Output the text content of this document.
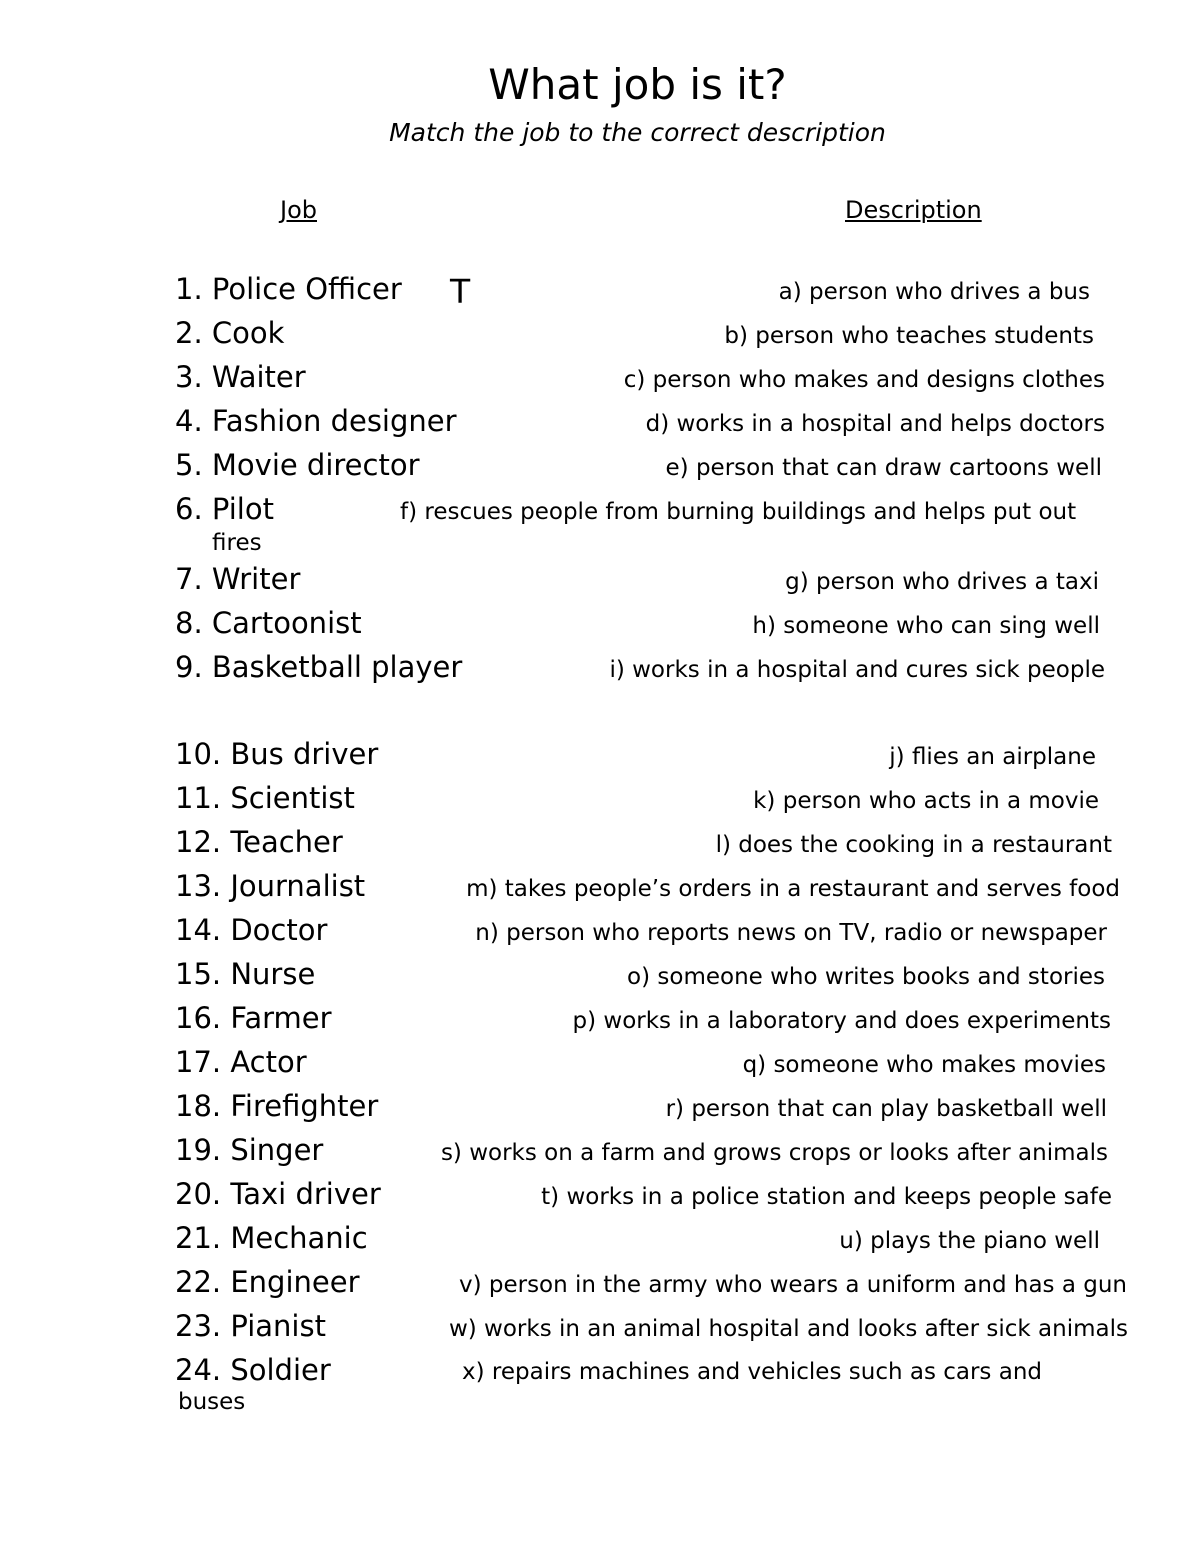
What job is it?
Match the job to the correct description
Job	Description
T
1. Police Officer
2. Cook
3. Waiter
4. Fashion designer
5. Movie director
6. Pilot
7. Writer
8. Cartoonist
9. Basketball player
10. Bus driver
11. Scientist
12. Teacher
13. Journalist
14. Doctor
15. Nurse
16. Farmer
17. Actor
18. Firefighter
19. Singer
20. Taxi driver
21. Mechanic
22. Engineer
23. Pianist
24. Soldier
a) person who drives a bus
b) person who teaches students
c) person who makes and designs clothes
d) works in a hospital and helps doctors
e) person that can draw cartoons well
f) rescues people from burning buildings and helps put out
fires
g) person who drives a taxi
h) someone who can sing well
i) works in a hospital and cures sick people
j) flies an airplane
k) person who acts in a movie
l) does the cooking in a restaurant
m) takes people’s orders in a restaurant and serves food
n) person who reports news on TV, radio or newspaper
o) someone who writes books and stories
p) works in a laboratory and does experiments
q) someone who makes movies
r) person that can play basketball well
s) works on a farm and grows crops or looks after animals
t) works in a police station and keeps people safe
u) plays the piano well
v) person in the army who wears a uniform and has a gun
w) works in an animal hospital and looks after sick animals
x) repairs machines and vehicles such as cars and
buses
